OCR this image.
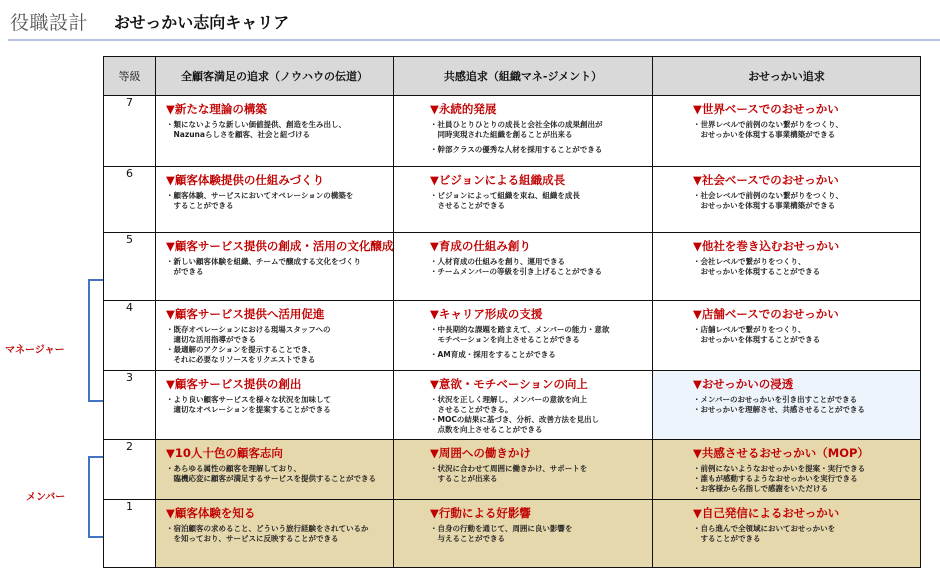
役職設計 おせっかい志向キャリア
マネージャー
メンバー
等級	全顧客満足の追求（ノウハウの伝道）	共感追求（組織マネ-ジメント）	おせっかい追求
7	▼新たな理論の構築
・類にないような新しい価値提供、創造を生み出し、
　Nazunaらしさを顧客、社会と紐づける

▼永続的発展
・社員ひとりひとりの成長と会社全体の成果創出が
　同時実現された組織を創ることが出来る
・幹部クラスの優秀な人材を採用することができる

▼世界ベースでのおせっかい
・世界レベルで前例のない繋がりをつくり、
　おせっかいを体現する事業構築ができる

6	▼顧客体験提供の仕組みづくり
・顧客体験、サービスにおいてオペレーションの構築を
　することができる

▼ビジョンによる組織成長
・ビジョンによって組織を束ね、組織を成長
　させることができる

▼社会ベースでのおせっかい
・社会レベルで前例のない繋がりをつくり、
　おせっかいを体現する事業構築ができる

5	▼顧客サービス提供の創成・活用の文化醸成
・新しい顧客体験を組織、チームで醸成する文化をづくり
　ができる

▼育成の仕組み創り
・人材育成の仕組みを創り、運用できる
・チームメンバーの等級を引き上げることができる

▼他社を巻き込むおせっかい
・会社レベルで繋がりをつくり、
　おせっかいを体現することができる

4	▼顧客サービス提供へ活用促進
・既存オペレーションにおける現場スタッフへの
　適切な活用指導ができる
・最適解のアクションを提示することでき、
　それに必要なリソースをリクエストできる

▼キャリア形成の支援
・中長期的な課題を踏まえて、メンバーの能力・意欲
　モチベーションを向上させることができる
・AM育成・採用をすることができる

▼店舗ベースでのおせっかい
・店舗レベルで繋がりをつくり、
　おせっかいを体現することができる

3	▼顧客サービス提供の創出
・より良い顧客サービスを様々な状況を加味して
　適切なオペレーションを提案することができる

▼意欲・モチベーションの向上
・状況を正しく理解し、メンバーの意欲を向上
　させることができる。
・MOCの結果に基づき、分析、改善方法を見出し
　点数を向上させることができる

▼おせっかいの浸透
・メンバーのおせっかいを引き出すことができる
・おせっかいを理解させ、共感させることができる

2	▼10人十色の顧客志向
・あらゆる属性の顧客を理解しており、
　臨機応変に顧客が満足するサービスを提供することができる

▼周囲への働きかけ
・状況に合わせて周囲に働きかけ、サポートを
　することが出来る

▼共感させるおせっかい（MOP）
・前例にないようなおせっかいを提案・実行できる
・誰もが感動するようなおせっかいを実行できる
・お客様から名指しで感謝をいただける

1	▼顧客体験を知る
・宿泊顧客の求めること、どういう旅行経験をされているか
　を知っており、サービスに反映することができる

▼行動による好影響
・自身の行動を通じて、周囲に良い影響を
　与えることができる

▼自己発信によるおせっかい
・自ら進んで全領域においておせっかいを
　することができる
